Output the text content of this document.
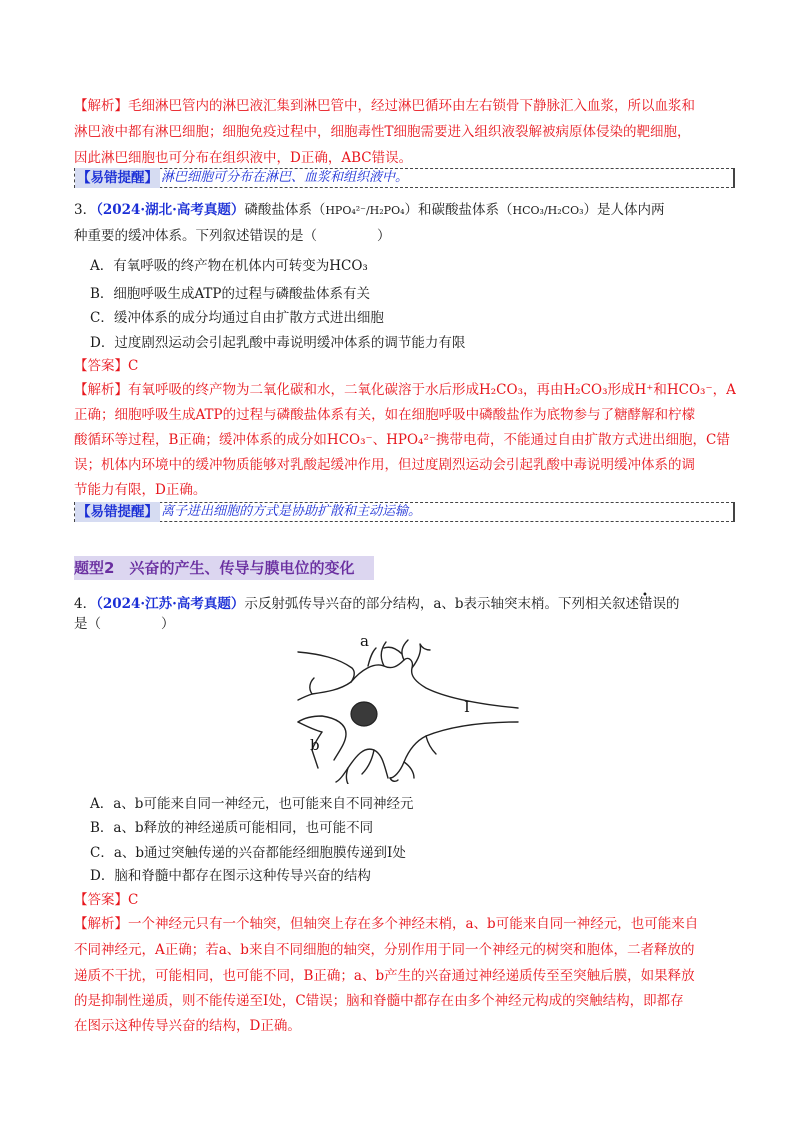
【解析】毛细淋巴管内的淋巴液汇集到淋巴管中，经过淋巴循环由左右锁骨下静脉汇入血浆，所以血浆和
淋巴液中都有淋巴细胞；细胞免疫过程中，细胞毒性T细胞需要进入组织液裂解被病原体侵染的靶细胞，
因此淋巴细胞也可分布在组织液中，D正确，ABC错误。
【易错提醒】 淋巴细胞可分布在淋巴、血浆和组织液中。
3．（2024·湖北·高考真题）磷酸盐体系（HPO₄²⁻/H₂PO₄）和碳酸盐体系（HCO₃/H₂CO₃）是人体内两
种重要的缓冲体系。下列叙述错误的是（	）
A．有氧呼吸的终产物在机体内可转变为HCO₃
B．细胞呼吸生成ATP的过程与磷酸盐体系有关
C．缓冲体系的成分均通过自由扩散方式进出细胞
D．过度剧烈运动会引起乳酸中毒说明缓冲体系的调节能力有限
【答案】C
【解析】有氧呼吸的终产物为二氧化碳和水，二氧化碳溶于水后形成H₂CO₃，再由H₂CO₃形成H⁺和HCO₃⁻，A
正确；细胞呼吸生成ATP的过程与磷酸盐体系有关，如在细胞呼吸中磷酸盐作为底物参与了糖酵解和柠檬
酸循环等过程，B正确；缓冲体系的成分如HCO₃⁻、HPO₄²⁻携带电荷，不能通过自由扩散方式进出细胞，C错
误；机体内环境中的缓冲物质能够对乳酸起缓冲作用，但过度剧烈运动会引起乳酸中毒说明缓冲体系的调
节能力有限，D正确。
【易错提醒】 离子进出细胞的方式是协助扩散和主动运输。
题型2　兴奋的产生、传导与膜电位的变化
4．（2024·江苏·高考真题）示反射弧传导兴奋的部分结构，a、b表示轴突末梢。下列相关叙述错误的
是（	）
A．a、b可能来自同一神经元，也可能来自不同神经元
B．a、b释放的神经递质可能相同，也可能不同
C．a、b通过突触传递的兴奋都能经细胞膜传递到Ⅰ处
D．脑和脊髓中都存在图示这种传导兴奋的结构
【答案】C
【解析】一个神经元只有一个轴突，但轴突上存在多个神经末梢，a、b可能来自同一神经元，也可能来自
不同神经元，A正确；若a、b来自不同细胞的轴突，分别作用于同一个神经元的树突和胞体，二者释放的
递质不干扰，可能相同，也可能不同，B正确；a、b产生的兴奋通过神经递质传至至突触后膜，如果释放
的是抑制性递质，则不能传递至Ⅰ处，C错误；脑和脊髓中都存在由多个神经元构成的突触结构，即都存
在图示这种传导兴奋的结构，D正确。
a
b
I
